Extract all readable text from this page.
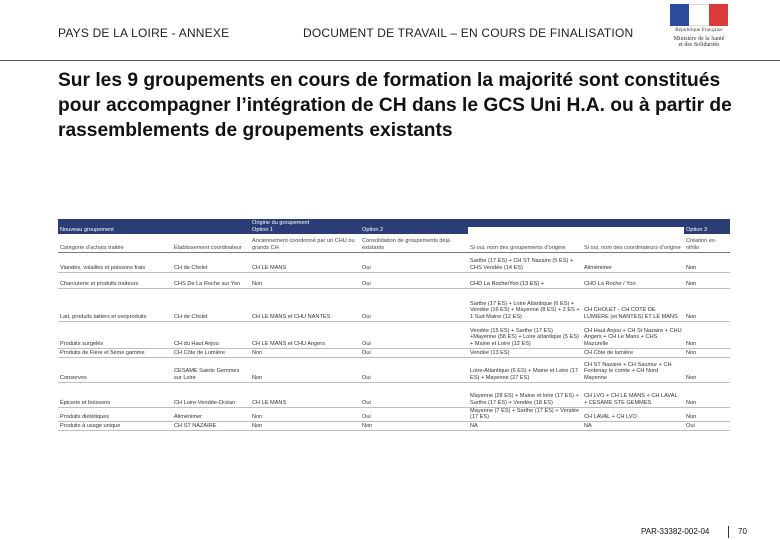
PAYS DE LA LOIRE - ANNEXE	DOCUMENT DE TRAVAIL – EN COURS DE FINALISATION	République Française
Ministère de la Santé
et des Solidarités
Sur les 9 groupements en cours de formation la majorité sont constitués pour accompagner l’intégration de CH dans le GCS Uni H.A. ou à partir de rassemblements de groupements existants
		Origine du groupement				
Nouveau groupement		Option 1	Option 2			Option 3
Catégorie d’achats traitée	Établissement coordinateur	Anciennement coordonné par un CHU ou grands CH	Consolidation de groupements déjà existants	Si oui, nom des groupements d’origine	Si oui, nom des coordinateurs d’origine	Création ex-nihilo
Viandes, volailles et poissons frais	CH de Cholet	CH LE MANS	Oui	Sarthe (17 ES) + CH ST Nazaire (5 ES) + CHS Vendée (14 ES)	Aliménimer	Non
Charcuterie et produits traiteurs	CHS De La Roche sur Yon	Non	Oui	CHD La Roche/Yon (13 ES) +	CHD La Roche / Yon	Non
Lait, produits laitiers et ovoproduits	CH de Cholet	CH LE MANS et CHU NANTES	Oui	Sarthe (17 ES) + Loire Atlantique (6 ES) + Vendée (16 ES) + Mayenne (8 ES) + 2 ES + 1 Sud Maine (12 ES)	CH CHOLET - CH COTE DE LUMIERE (et NANTES) ET LE MANS	Non
Produits surgelés	CH du Haut Anjou	CH LE MANS et CHU Angers	Oui	Vendée (15 ES) + Sarthe (17 ES) +Mayenne (58 ES) + Loire atlantique (5 ES) + Maine et Loire (12 ES)	CH Haut Anjou + CH St Nazaire + CHU Angers + CH Le Mans + CHS Mazurelle	Non
Produits de Fière et 5ème gamme	CH Côte de Lumière	Non	Oui	Vendée (13 ES)	CH Côte de lumière	Non
Conserves	CESAME Sainte Gemmes sur Loire	Non	Oui	Loire-Atlantique (6 ES) + Maine et Loire (17 ES) + Mayenne (27 ES)	CH ST Nazaire + CH Saumur + CH Fontenay le comte + CH Nord Mayenne	Non
Épicerie et boissons	CH Loire-Vendée-Océan	CH LE MANS	Oui	Mayenne (28 ES) + Maine et loire (17 ES) + Sarthe (17 ES) + Vendée (18 ES)	CH LVO + CH LE MANS + CH LAVAL + CESAME STE GEMMES	Non
Produits diététiques	Aliménimer	Non	Oui	Mayenne (7 ES) + Sarthe (17 ES) + Vendée (17 ES)	CH LAVAL + CH LVO	Non
Produits à usage unique	CH ST NAZAIRE	Non	Non	NA	NA	Oui
PAR-33382-002-04	70
